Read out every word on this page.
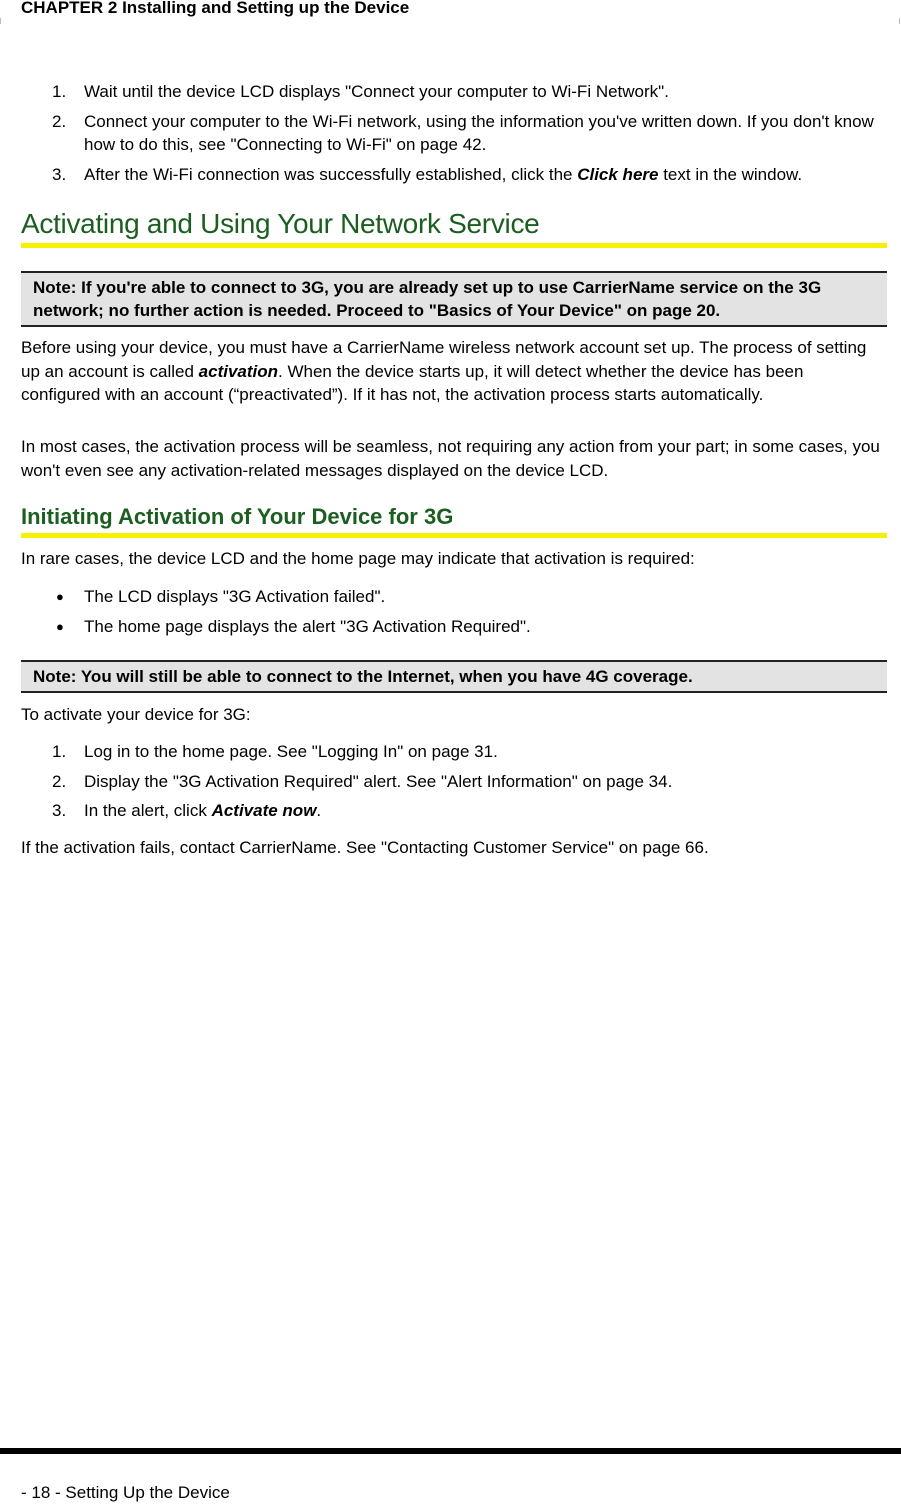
CHAPTER 2 Installing and Setting up the Device
1. Wait until the device LCD displays "Connect your computer to Wi-Fi Network".
2. Connect your computer to the Wi-Fi network, using the information you've written down. If you don't know how to do this, see "Connecting to Wi-Fi" on page 42.
3. After the Wi-Fi connection was successfully established, click the Click here text in the window.
Activating and Using Your Network Service
Note: If you're able to connect to 3G, you are already set up to use CarrierName service on the 3G network; no further action is needed. Proceed to "Basics of Your Device" on page 20.

Before using your device, you must have a CarrierName wireless network account set up. The process of setting up an account is called activation. When the device starts up, it will detect whether the device has been configured with an account (“preactivated”). If it has not, the activation process starts automatically.

In most cases, the activation process will be seamless, not requiring any action from your part; in some cases, you won't even see any activation-related messages displayed on the device LCD.

Initiating Activation of Your Device for 3G

In rare cases, the device LCD and the home page may indicate that activation is required:

● The LCD displays "3G Activation failed".
● The home page displays the alert "3G Activation Required".
Note: You will still be able to connect to the Internet, when you have 4G coverage.

To activate your device for 3G:

1. Log in to the home page. See "Logging In" on page 31.
2. Display the "3G Activation Required" alert. See "Alert Information" on page 34.
3. In the alert, click Activate now.

If the activation fails, contact CarrierName. See "Contacting Customer Service" on page 66.

- 18 - Setting Up the Device
